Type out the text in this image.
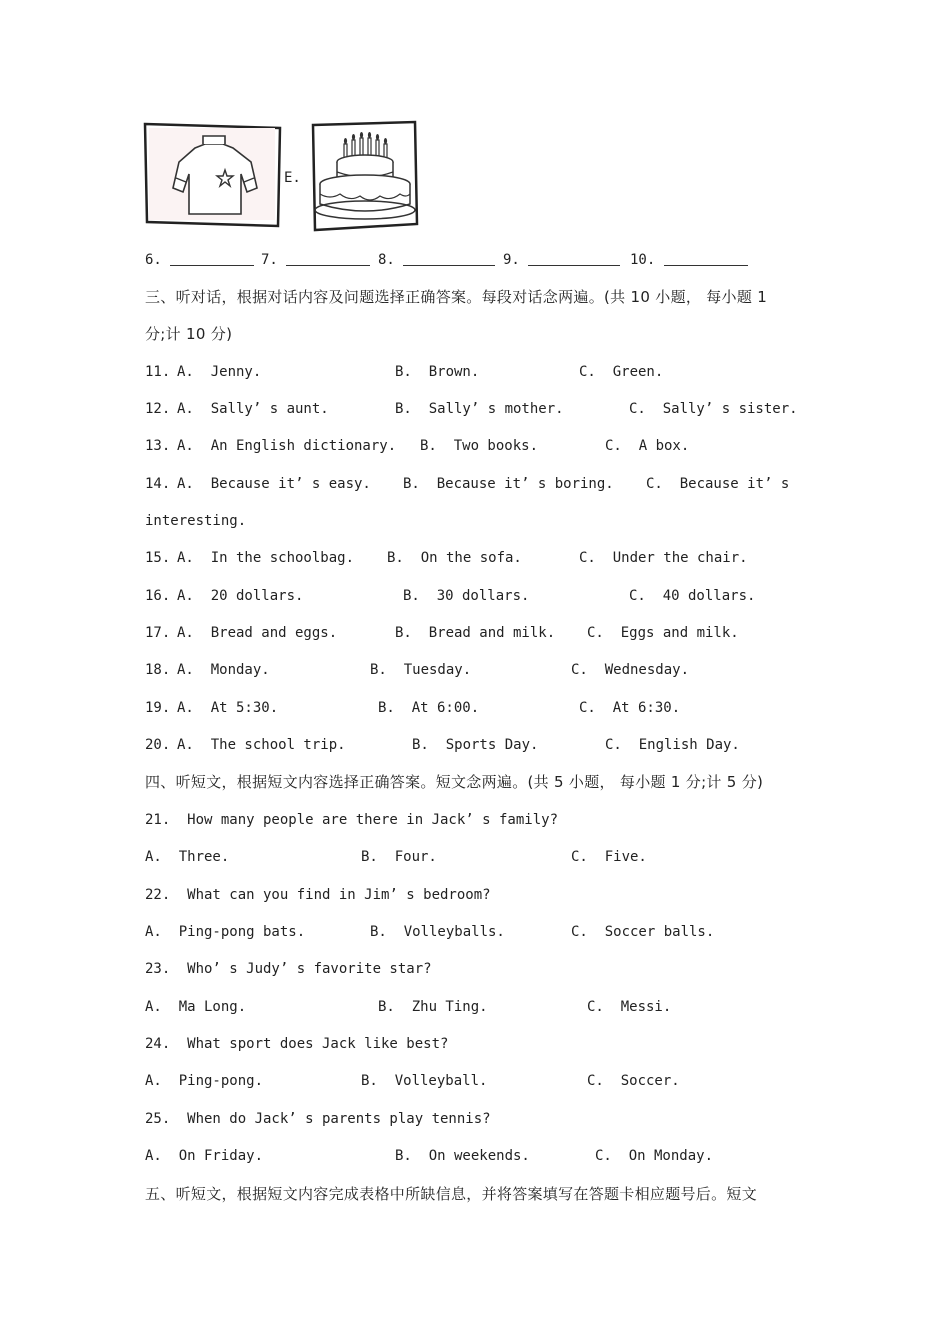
E.

6.

	7.

	8.

	9.

	10.

三、听对话，根据对话内容及问题选择正确答案。每段对话念两遍。(共 10 小题， 每小题 1
分;计 10 分)

11.

A.  Jenny.

	B.  Brown.

	C.  Green.

12.

A.  Sally’ s aunt.

	B.  Sally’ s mother.

	C.  Sally’ s sister.

13.

A.  An English dictionary.

B.  Two books.

	C.  A box.

14.

A.  Because it’ s easy.

B.  Because it’ s boring.

C.  Because it’ s

interesting.

15.

A.  In the schoolbag.

B.  On the sofa.

	C.  Under the chair.

16.

A.  20 dollars.

	B.  30 dollars.

	C.  40 dollars.

17.

A.  Bread and eggs.

	B.  Bread and milk.

C.  Eggs and milk.

18.

A.  Monday.

	B.  Tuesday.

	C.  Wednesday.

19.

A.  At 5:30.

	B.  At 6:00.

	C.  At 6:30.

20.

A.  The school trip.

	B.  Sports Day.

	C.  English Day.

四、听短文，根据短文内容选择正确答案。短文念两遍。(共 5 小题， 每小题 1 分;计 5 分)
21.  How many people are there in Jack’ s family?

A.  Three.

	B.  Four.

	C.  Five.

22.  What can you find in Jim’ s bedroom?

A.  Ping-pong bats.

	B.  Volleyballs.

	C.  Soccer balls.

23.  Who’ s Judy’ s favorite star?

A.  Ma Long.

	B.  Zhu Ting.

	C.  Messi.

24.  What sport does Jack like best?

A.  Ping-pong.

	B.  Volleyball.

	C.  Soccer.

25.  When do Jack’ s parents play tennis?

A.  On Friday.

	B.  On weekends.

	C.  On Monday.

五、听短文，根据短文内容完成表格中所缺信息，并将答案填写在答题卡相应题号后。短文
